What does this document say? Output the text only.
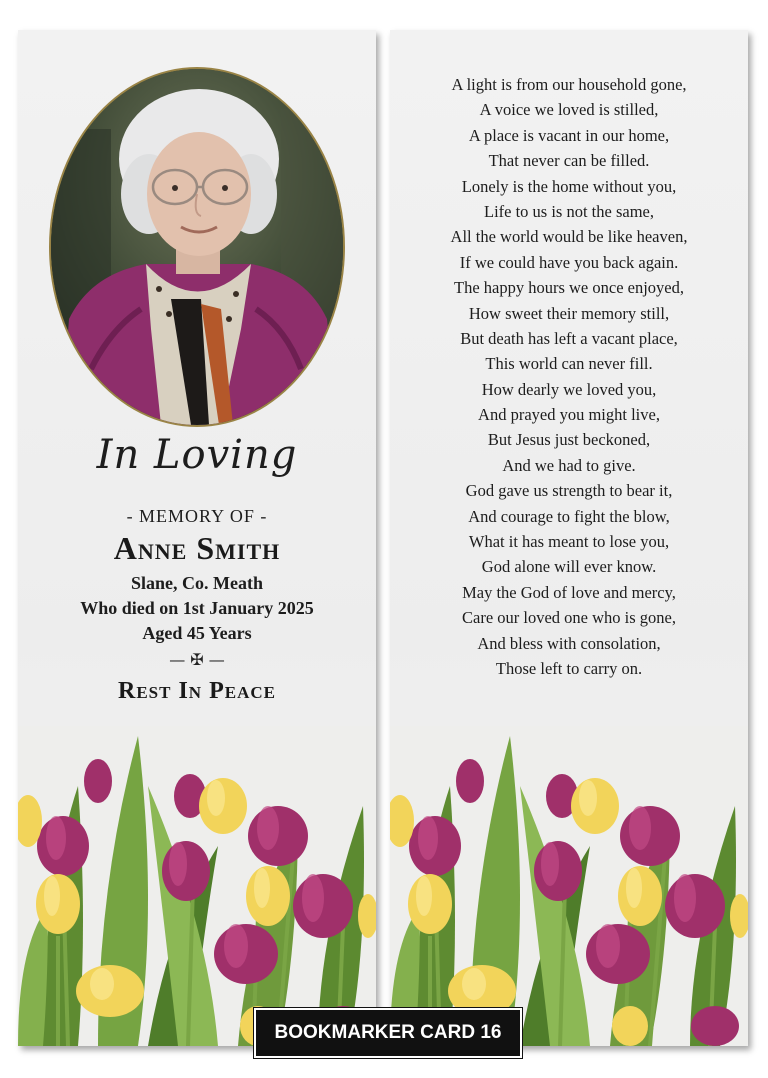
In Loving
- MEMORY OF -
Anne Smith
Slane, Co. Meath
Who died on 1st January 2025
Aged 45 Years
— ✠ —
Rest In Peace
A light is from our household gone,
A voice we loved is stilled,
A place is vacant in our home,
That never can be filled.
Lonely is the home without you,
Life to us is not the same,
All the world would be like heaven,
If we could have you back again.
The happy hours we once enjoyed,
How sweet their memory still,
But death has left a vacant place,
This world can never fill.
How dearly we loved you,
And prayed you might live,
But Jesus just beckoned,
And we had to give.
God gave us strength to bear it,
And courage to fight the blow,
What it has meant to lose you,
God alone will ever know.
May the God of love and mercy,
Care our loved one who is gone,
And bless with consolation,
Those left to carry on.
BOOKMARKER CARD 16
